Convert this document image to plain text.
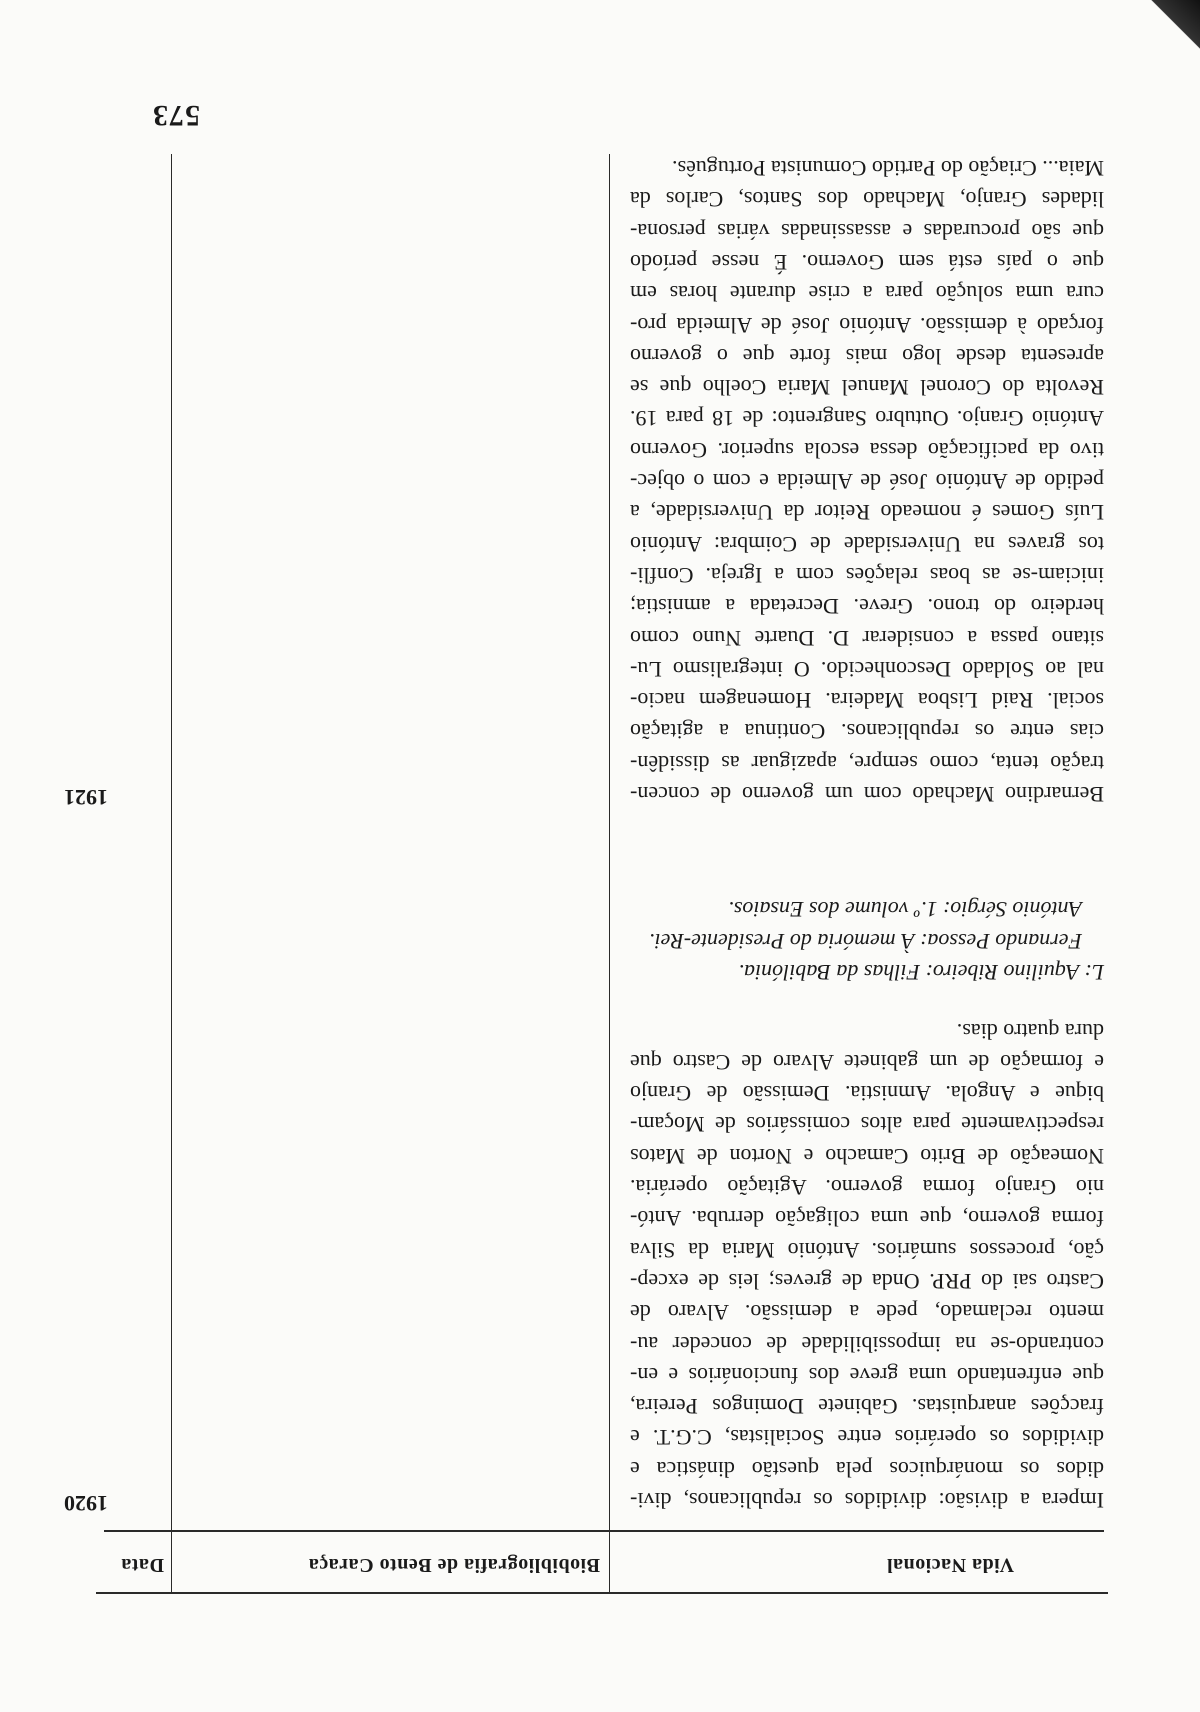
Vida Nacional
Biobibliografia de Bento Caraça
Data
1920	Impera a divisão: divididos os republicanos, divi-
didos os monárquicos pela questão dinástica e
divididos os operários entre Socialistas, C.G.T. e
fracções anarquistas. Gabinete Domingos Pereira,
que enfrentando uma greve dos funcionários e en-
contrando-se na impossibilidade de conceder au-
mento reclamado, pede a demissão. Alvaro de
Castro sai do PRP. Onda de greves; leis de excep-
ção, processos sumários. António Maria da Silva
forma governo, que uma coligação derruba. Antó-
nio Granjo forma governo. Agitação operária.
Nomeação de Brito Camacho e Norton de Matos
respectivamente para altos comissários de Moçam-
bique e Angola. Amnistia. Demissão de Granjo
e formação de um gabinete Alvaro de Castro que
dura quatro dias.

L: Aquilino Ribeiro: Filhas da Babilónia.
Fernando Pessoa: À memória do Presidente-Rei.
António Sérgio: 1.º volume dos Ensaios.

1921	Bernardino Machado com um governo de concen-
tração tenta, como sempre, apaziguar as dissidên-
cias entre os republicanos. Continua a agitação
social. Raid Lisboa Madeira. Homenagem nacio-
nal ao Soldado Desconhecido. O integralismo Lu-
sitano passa a considerar D. Duarte Nuno como
herdeiro do trono. Greve. Decretada a amnistia;
iniciam-se as boas relações com a Igreja. Confli-
tos graves na Universidade de Coimbra: António
Luís Gomes é nomeado Reitor da Universidade, a
pedido de António José de Almeida e com o objec-
tivo da pacificação dessa escola superior. Governo
António Granjo. Outubro Sangrento: de 18 para 19.
Revolta do Coronel Manuel Maria Coelho que se
apresenta desde logo mais forte que o governo
forçado à demissão. António José de Almeida pro-
cura uma solução para a crise durante horas em
que o país está sem Governo. É nesse período
que são procuradas e assassinadas várias persona-
lidades Granjo, Machado dos Santos, Carlos da
Maia... Criação do Partido Comunista Português.

573
